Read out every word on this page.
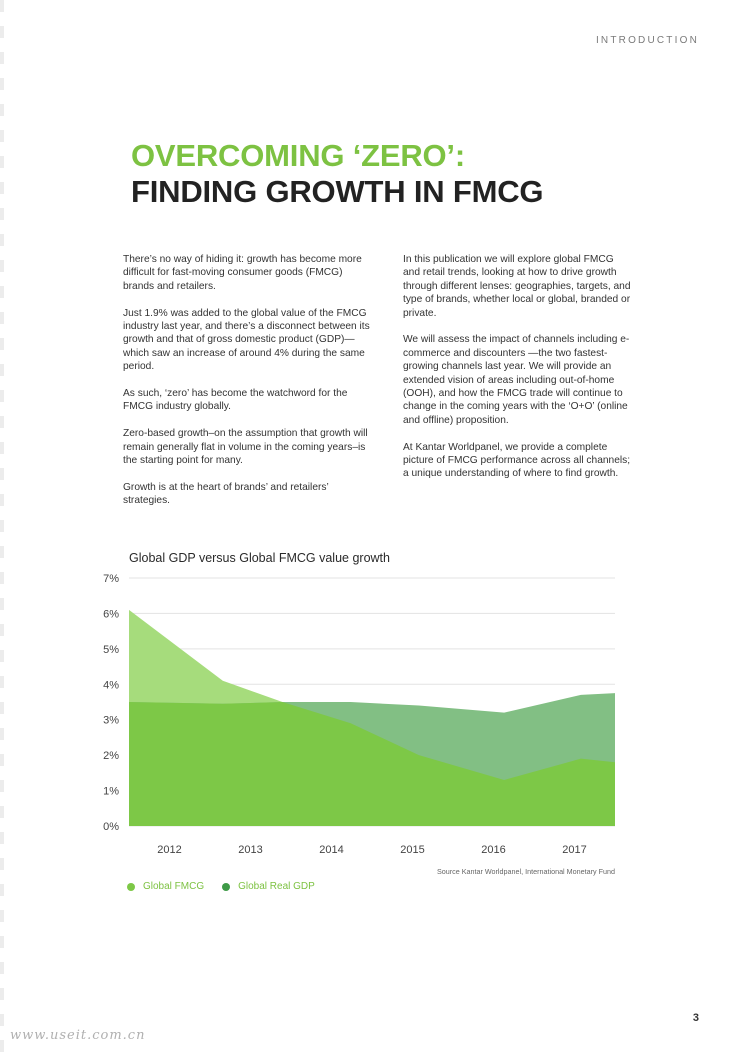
INTRODUCTION
OVERCOMING ‘ZERO’:
FINDING GROWTH IN FMCG

There’s no way of hiding it: growth has become more difficult for fast-moving consumer goods (FMCG) brands and retailers.

Just 1.9% was added to the global value of the FMCG industry last year, and there’s a disconnect between its growth and that of gross domestic product (GDP)—which saw an increase of around 4% during the same period.

As such, ‘zero’ has become the watchword for the FMCG industry globally.

Zero-based growth–on the assumption that growth will remain generally flat in volume in the coming years–is the starting point for many.

Growth is at the heart of brands’ and retailers’ strategies.

In this publication we will explore global FMCG and retail trends, looking at how to drive growth through different lenses: geographies, targets, and type of brands, whether local or global, branded or private.

We will assess the impact of channels including e-commerce and discounters —the two fastest-growing channels last year. We will provide an extended vision of areas including out-of-home (OOH), and how the FMCG trade will continue to change in the coming years with the ‘O+O’ (online and offline) proposition.

At Kantar Worldpanel, we provide a complete picture of FMCG performance across all channels; a unique understanding of where to find growth.

Global GDP versus Global FMCG value growth
0%
1%
2%
3%
4%
5%
6%
7%
2012	2013	2014	2015	2016	2017
Source Kantar Worldpanel, International Monetary Fund
Global FMCG	Global Real GDP
3
www.useit.com.cn
